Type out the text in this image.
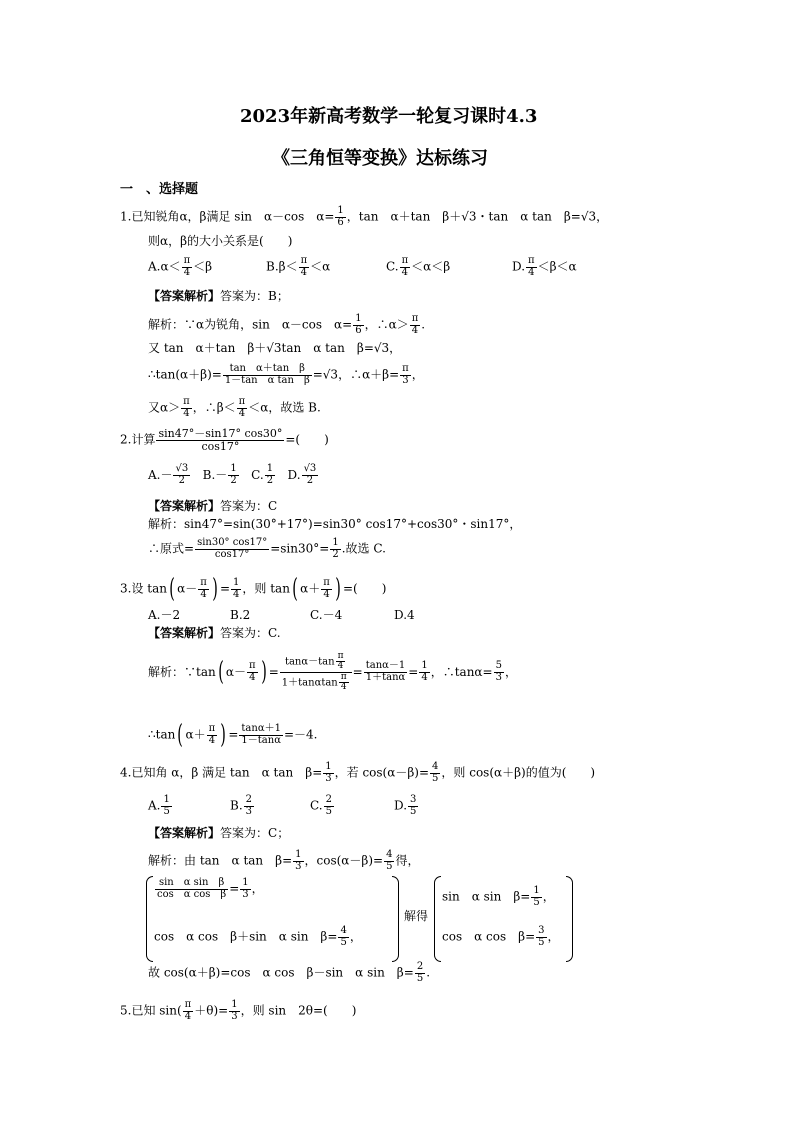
2023年新高考数学一轮复习课时4.3
《三角恒等变换》达标练习
一　、选择题
1.已知锐角α，β满足 sin　α－cos　$\alpha= \frac{1}{6}$ ，tan　α＋tan　β＋√3・tan　α tan　β=√3，
则α，β的大小关系是(　　)
$A.\alpha< \frac{\pi}{4} <\beta$	$B.\beta< \frac{\pi}{4} <\alpha$	C. $\frac{\pi}{4} <\alpha<\beta$	D. $\frac{\pi}{4} <\beta<\alpha$
【答案解析】答案为：B；
解析：∵α为锐角，sin　α－cos　$\alpha= \frac{1}{6}$ ，∴α＞ $\frac{\pi}{4}$ .
又 tan　α＋tan　β＋√3tan　α tan　β=√3，
∴tan(α＋β)= $\frac{\text{tan　α＋tan　β}}{\text{1－tan　α tan　β}} =√3$，∴α＋β= $\frac{\pi}{3}$ ，
又$\alpha> \frac{\pi}{4}$ ，∴β＜ $\frac{\pi}{4} <\alpha$，故选 B.
2.计算 $\frac{\sin 47^\circ-\sin 17^\circ \cos 30^\circ}{\cos 17^\circ}$ =(　　)
$A.- \frac{√3}{2} B.- \frac{1}{2} C$. $\frac{1}{2} D$. $\frac{√3}{2}$
【答案解析】答案为：C
解析：sin47°=sin(30°+17°)=sin30° cos17°+cos30°・sin17°，
∴原式= $\frac{\sin 30^\circ \cos 17^\circ}{\cos 17^\circ} =\sin 30^\circ= \frac{1}{2}$ .故选 C.
3.设 tan( $\alpha- \frac{\pi}{4}$ ) = $\frac{1}{4}$ ，则 tan( $\alpha+ \frac{\pi}{4}$ ) =(　　)
A.－2	B.2	C.－4	D.4
【答案解析】答案为：C.
解析：∵tan( $\alpha- \frac{\pi}{4}$ ) = $\frac{\tan\alpha-\tan \frac{\pi}{4}}{1+\tan\alpha\tan \frac{\pi}{4}} = \frac{\tan\alpha-1}{1+\tan\alpha} = \frac{1}{4}$ ，∴tanα= $\frac{5}{3}$ ，
∴tan( $\alpha+ \frac{\pi}{4}$ ) = $\frac{\tan\alpha+1}{1-\tan\alpha} =-4$.
4.已知角 α，β 满足 tan　α tan　$\beta= \frac{1}{3}$ ，若 $\cos(\alpha-\beta)= \frac{4}{5}$ ，则 cos(α＋β)的值为(　　)
A. $\frac{1}{5}$	B. $\frac{2}{3}$	C. $\frac{2}{5}$	D. $\frac{3}{5}$
【答案解析】答案为：C；
解析：由 tan　α tan　$\beta= \frac{1}{3}$ ，$\cos(\alpha-\beta)= \frac{4}{5}$ 得，
$\frac{\text{sin　α sin　β}}{\text{cos　α cos　β}} = \frac{1}{3}$ ，
cos　α cos　β＋sin　α sin　$\beta= \frac{4}{5}$ ，
解得
sin　α sin　$\beta= \frac{1}{5}$ ，
cos　α cos　$\beta= \frac{3}{5}$ ，
故 cos(α＋β)=cos　α cos　β－sin　α sin　$\beta= \frac{2}{5}$ .
5.已知 $\sin( \frac{\pi}{4} +\theta)= \frac{1}{3}$ ，则 sin　2θ=(　　)
